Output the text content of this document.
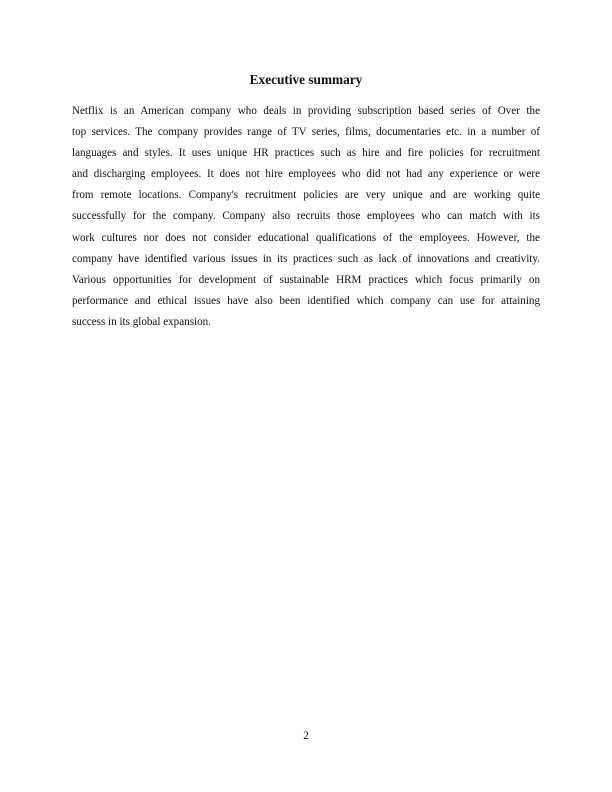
Executive summary
Netflix is an American company who deals in providing subscription based series of Over the
top services. The company provides range of TV series, films, documentaries etc. in a number of
languages and styles. It uses unique HR practices such as hire and fire policies for recruitment
and discharging employees. It does not hire employees who did not had any experience or were
from remote locations. Company's recruitment policies are very unique and are working quite
successfully for the company. Company also recruits those employees who can match with its
work cultures nor does not consider educational qualifications of the employees. However, the
company have identified various issues in its practices such as lack of innovations and creativity.
Various opportunities for development of sustainable HRM practices which focus primarily on
performance and ethical issues have also been identified which company can use for attaining
success in its global expansion.
2
